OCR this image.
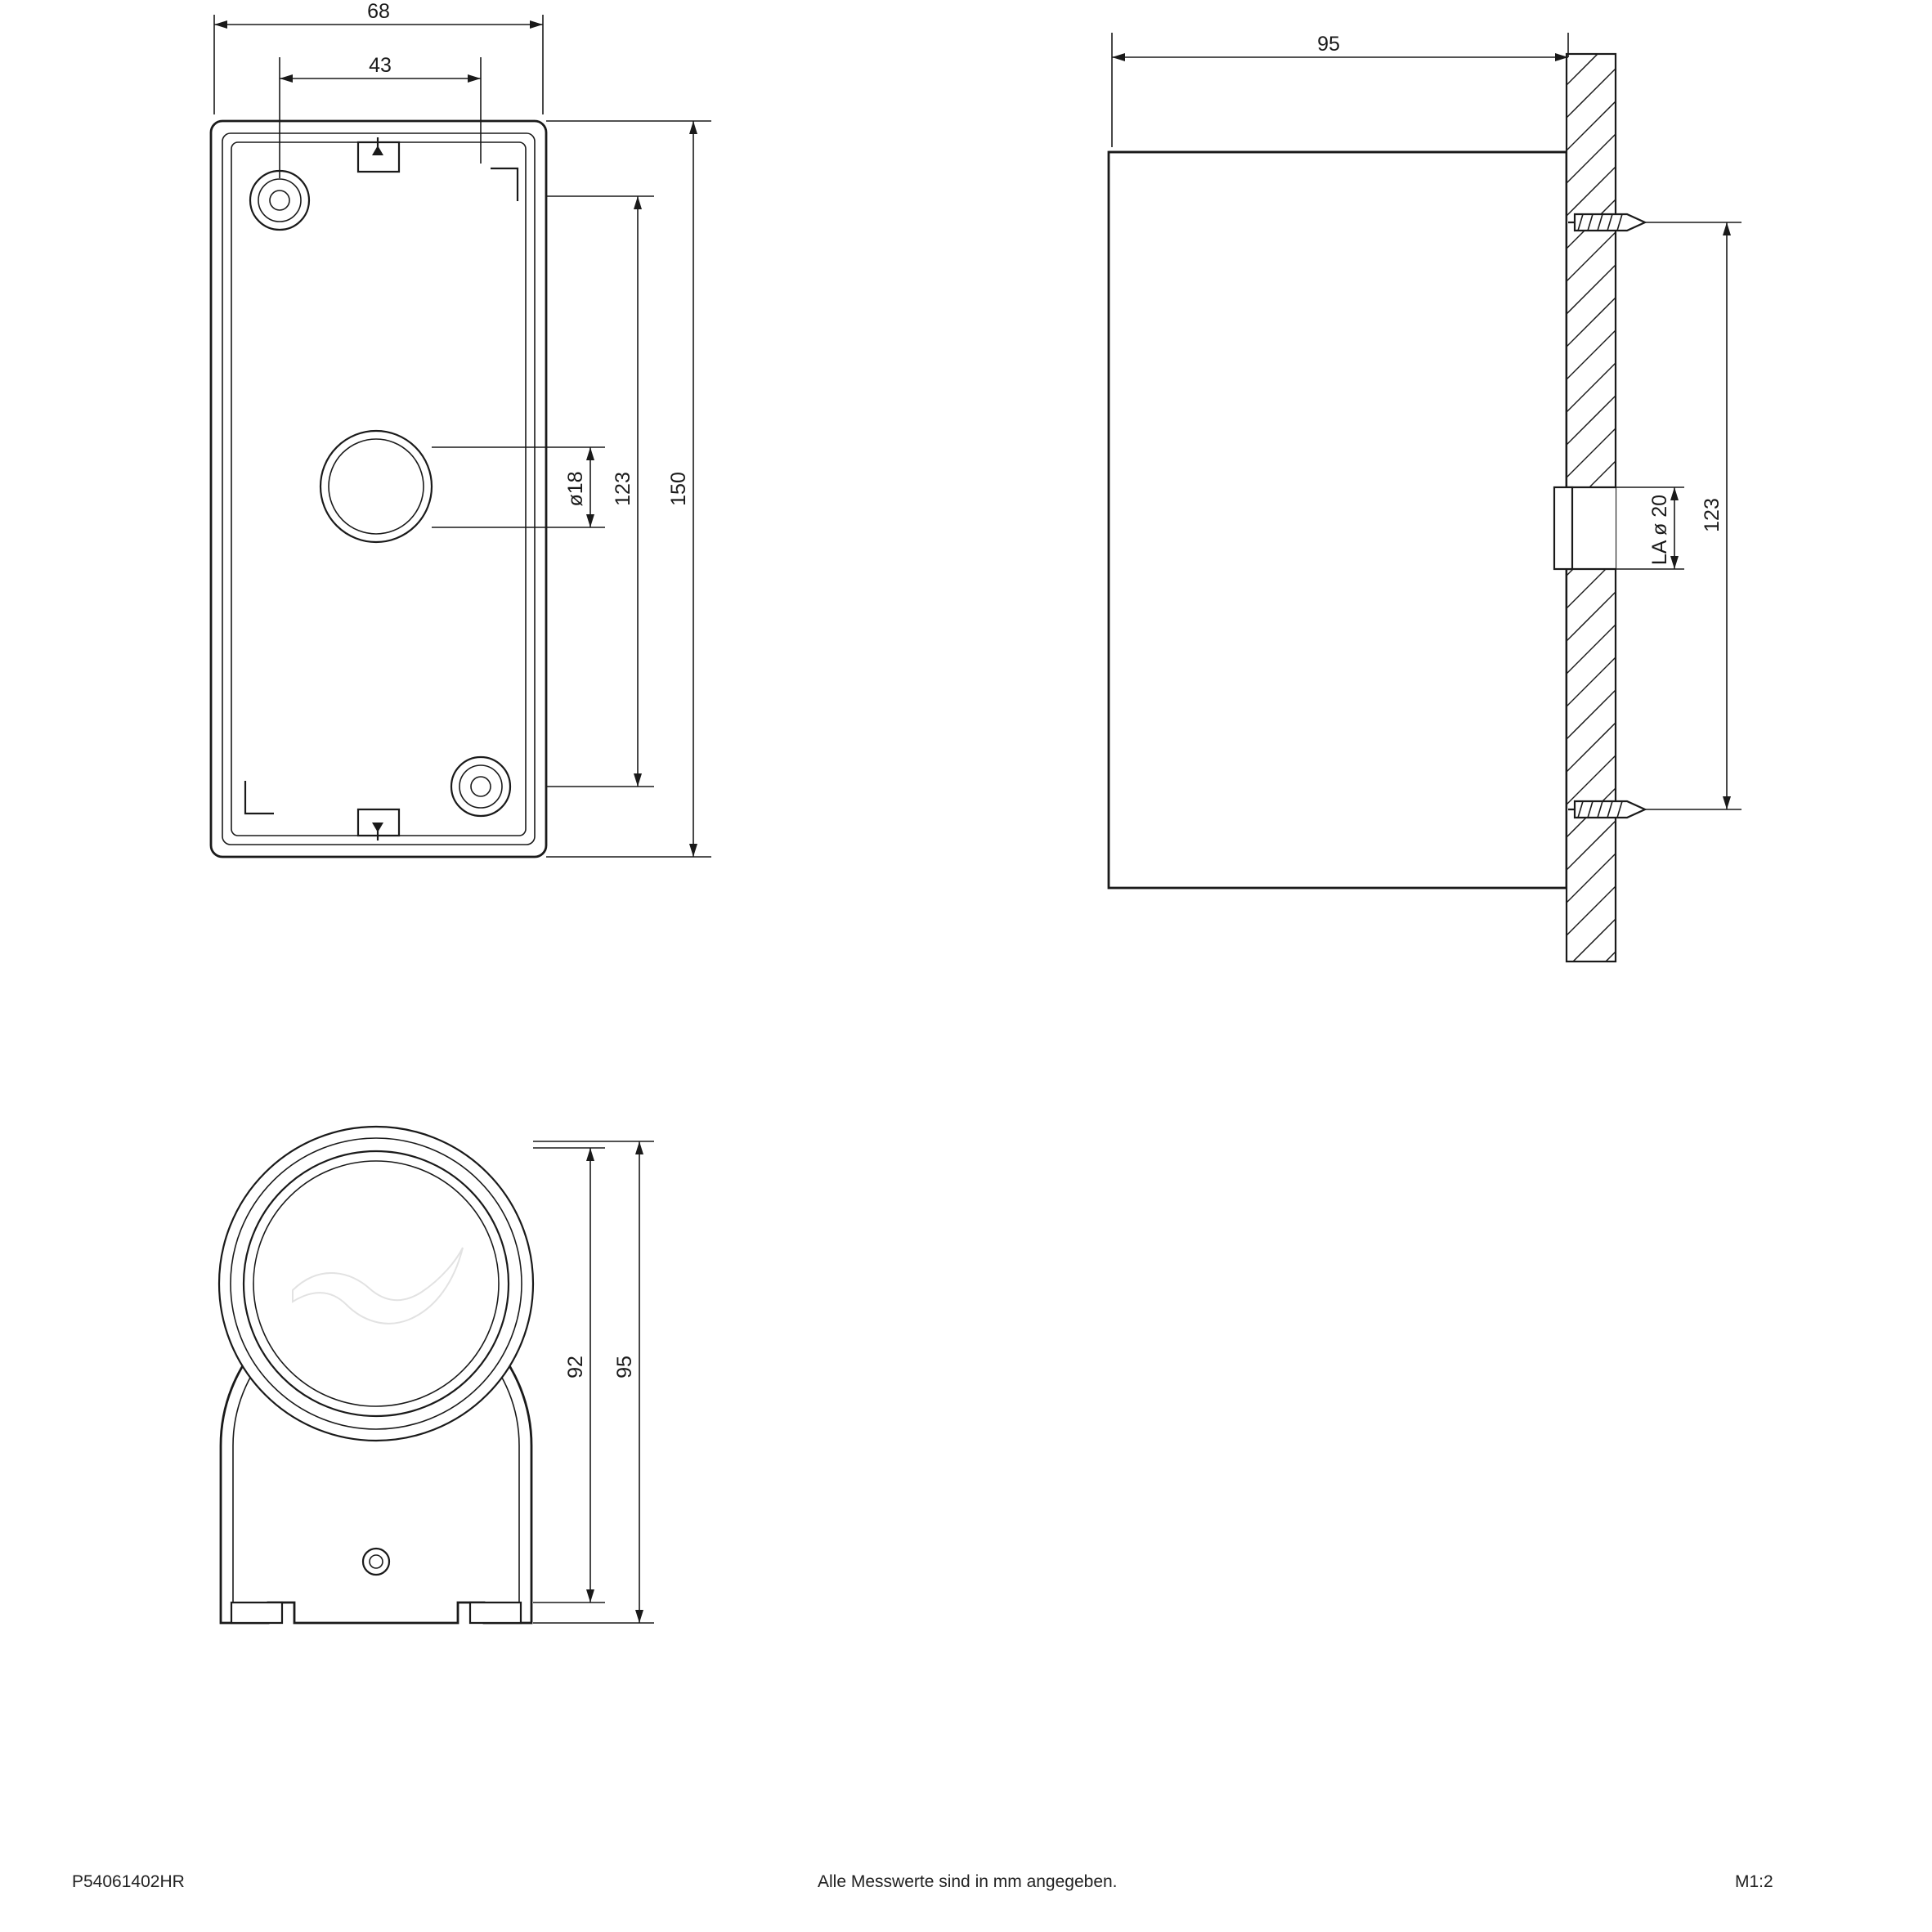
68
43
150
123
ø18
95
123
LA ø 20
92 95
P54061402HR	Alle Messwerte sind in mm angegeben.	M1:2
